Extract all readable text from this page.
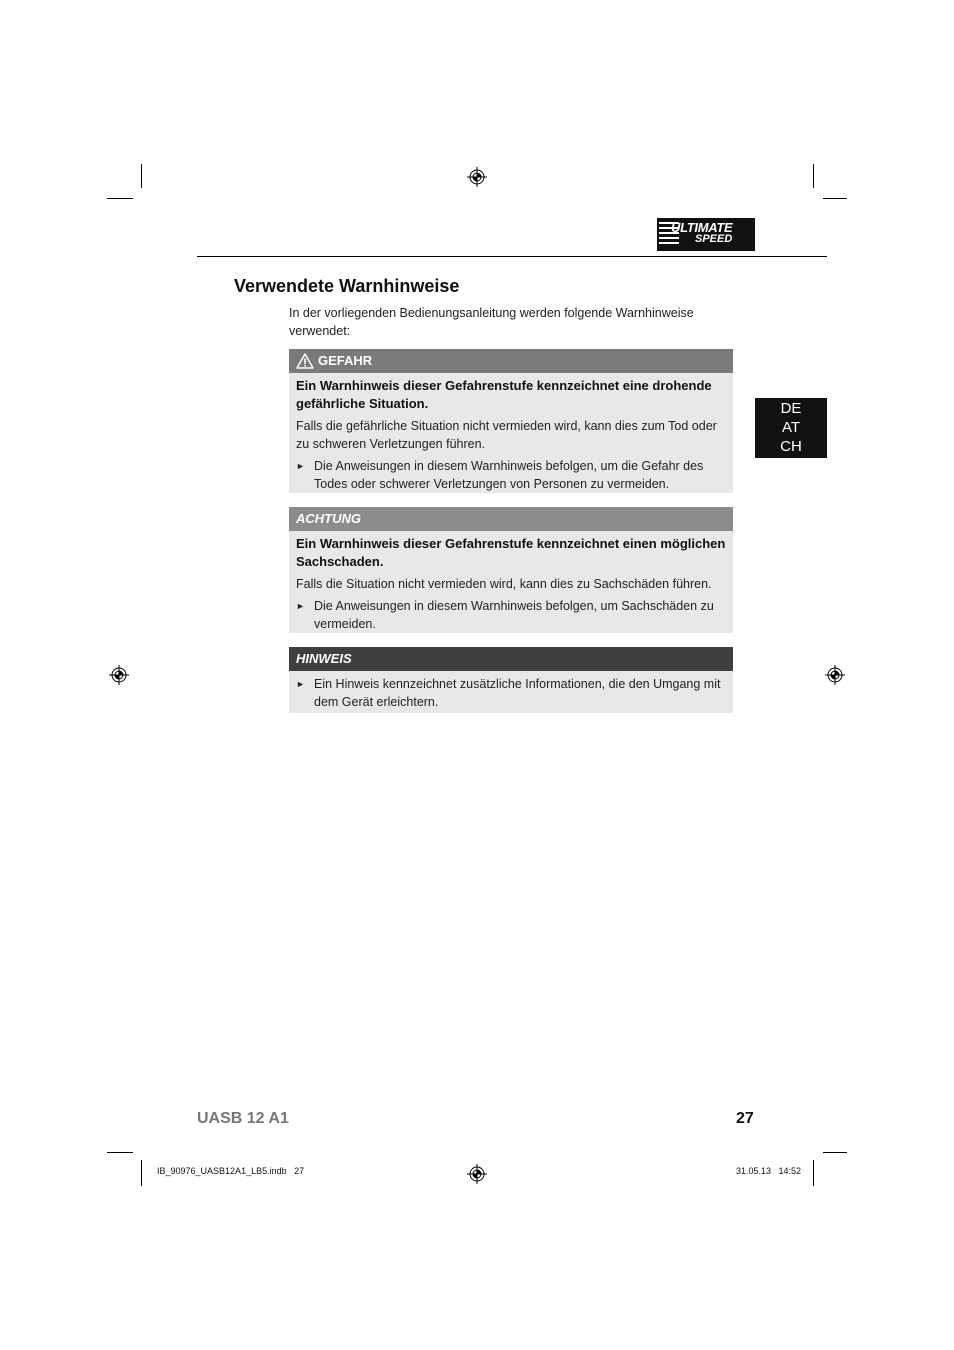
ULTIMATE
SPEED
Verwendete Warnhinweise
In der vorliegenden Bedienungsanleitung werden folgende Warnhinweise verwendet:
DE
AT
CH
GEFAHR

Ein Warnhinweis dieser Gefahrenstufe kennzeichnet eine drohende gefährliche Situation.

Falls die gefährliche Situation nicht vermieden wird, kann dies zum Tod oder zu schweren Verletzungen führen.

► Die Anweisungen in diesem Warnhinweis befolgen, um die Gefahr des Todes oder schwerer Verletzungen von Personen zu vermeiden.
ACHTUNG

Ein Warnhinweis dieser Gefahrenstufe kennzeichnet einen möglichen Sachschaden.

Falls die Situation nicht vermieden wird, kann dies zu Sachschäden führen.

► Die Anweisungen in diesem Warnhinweis befolgen, um Sachschäden zu vermeiden.
HINWEIS
► Ein Hinweis kennzeichnet zusätzliche Informationen, die den Umgang mit dem Gerät erleichtern.
UASB 12 A1	27
IB_90976_UASB12A1_LB5.indb   27	31.05.13   14:52
